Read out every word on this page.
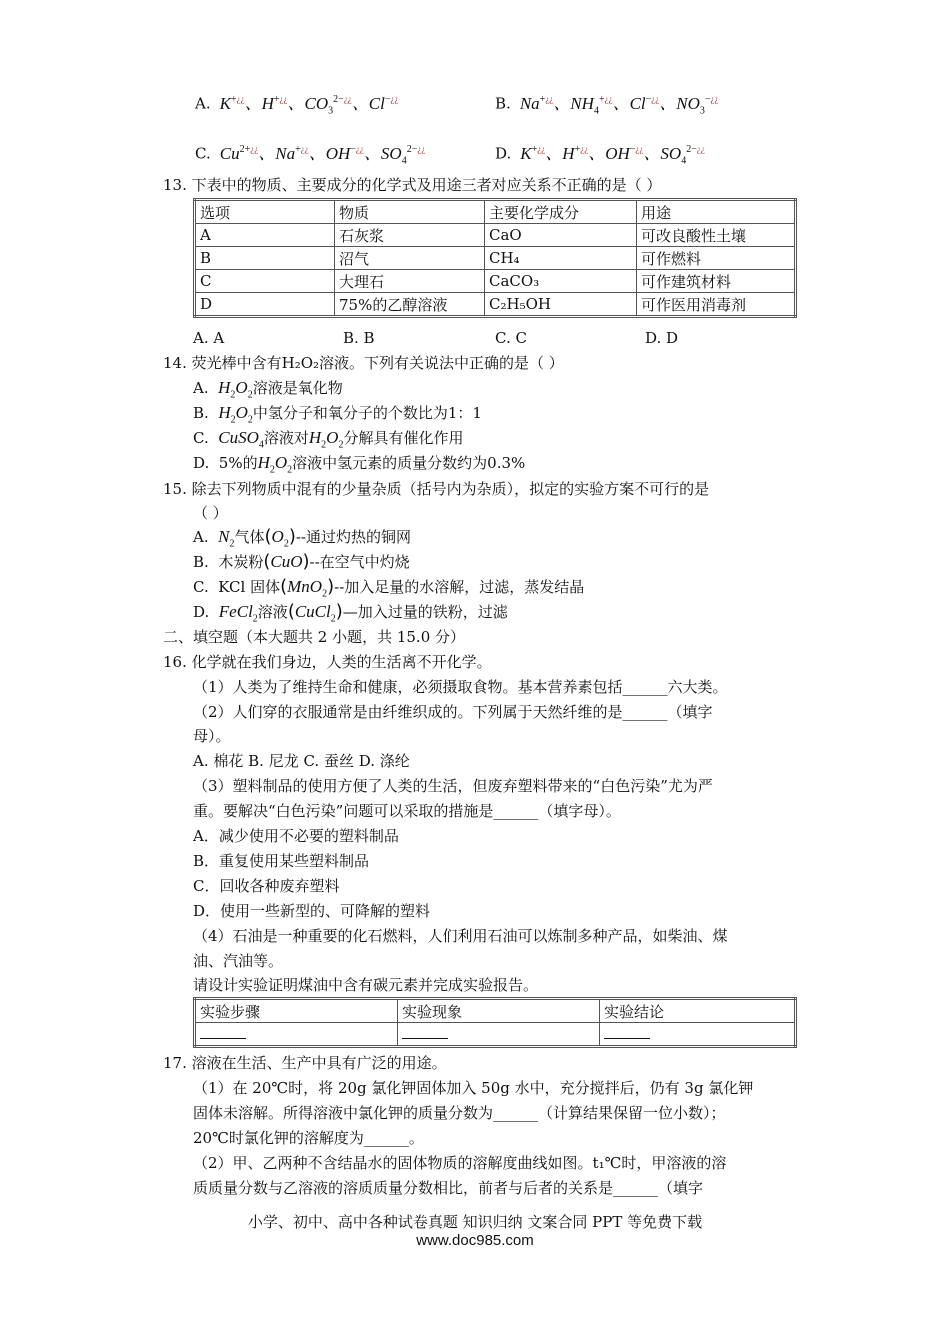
A.  K+¿¿、H+¿¿、$CO_3^{2-¿¿}$、Cl−¿¿	B.  Na+¿¿、$NH_4^{+¿¿}$、Cl−¿¿、$NO_3^{-¿¿}$
C.  $Cu^{2+¿¿}$、Na+¿¿、OH−¿¿、$SO_4^{2-¿¿}$	D.  K+¿¿、H+¿¿、OH−¿¿、$SO_4^{2-¿¿}$
13. 下表中的物质、主要成分的化学式及用途三者对应关系不正确的是（ ）
选项	物质	主要化学成分	用途
A	石灰浆	CaO	可改良酸性土壤
B	沼气	CH₄	可作燃料
C	大理石	CaCO₃	可作建筑材料
D	75%的乙醇溶液	C₂H₅OH	可作医用消毒剂
A. A	B. B	C. C	D. D
14. 荧光棒中含有H₂O₂溶液。下列有关说法中正确的是（ ）
A.  $H_2O_2$溶液是氧化物
B.  $H_2O_2$中氢分子和氧分子的个数比为1：1
C.  CuSO$_4$溶液对$H_2O_2$分解具有催化作用
D.  5%的$H_2O_2$溶液中氢元素的质量分数约为0.3%
15. 除去下列物质中混有的少量杂质（括号内为杂质），拟定的实验方案不可行的是
（ ）
A.  $N_2$气体$(O_2)--$通过灼热的铜网
B.  木炭粉(CuO)--在空气中灼烧
C.  KCl 固体(MnO$_2$)--加入足量的水溶解，过滤，蒸发结晶
D.  FeCl$_2$溶液(CuCl$_2$)—加入过量的铁粉，过滤
二、填空题（本大题共 2 小题，共 15.0 分）
16. 化学就在我们身边，人类的生活离不开化学。
（1）人类为了维持生命和健康，必须摄取食物。基本营养素包括______六大类。
（2）人们穿的衣服通常是由纤维织成的。下列属于天然纤维的是______（填字
母）。
A. 棉花 B. 尼龙 C. 蚕丝 D. 涤纶
（3）塑料制品的使用方便了人类的生活，但废弃塑料带来的“白色污染”尤为严
重。要解决“白色污染”问题可以采取的措施是______（填字母）。
A．减少使用不必要的塑料制品
B．重复使用某些塑料制品
C．回收各种废弃塑料
D．使用一些新型的、可降解的塑料
（4）石油是一种重要的化石燃料，人们利用石油可以炼制多种产品，如柴油、煤
油、汽油等。
请设计实验证明煤油中含有碳元素并完成实验报告。
实验步骤	实验现象	实验结论

17. 溶液在生活、生产中具有广泛的用途。
（1）在 20℃时，将 20g 氯化钾固体加入 50g 水中，充分搅拌后，仍有 3g 氯化钾
固体未溶解。所得溶液中氯化钾的质量分数为______（计算结果保留一位小数）；
20℃时氯化钾的溶解度为______。
（2）甲、乙两种不含结晶水的固体物质的溶解度曲线如图。t₁℃时，甲溶液的溶
质质量分数与乙溶液的溶质质量分数相比，前者与后者的关系是______（填字
小学、初中、高中各种试卷真题 知识归纳 文案合同 PPT 等免费下载
www.doc985.com
